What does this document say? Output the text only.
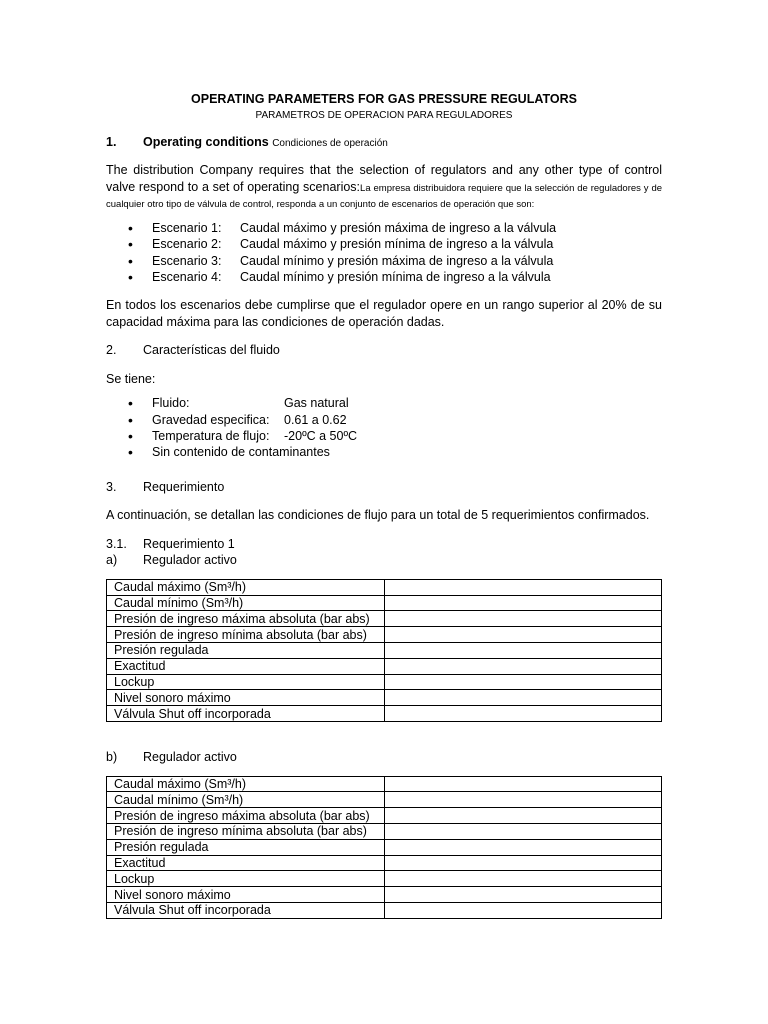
OPERATING PARAMETERS FOR GAS PRESSURE REGULATORS

PARAMETROS DE OPERACION PARA REGULADORES

1. Operating conditions Condiciones de operación

The distribution Company requires that the selection of regulators and any other type of control valve respond to a set of operating scenarios:La empresa distribuidora requiere que la selección de reguladores y de cualquier otro tipo de válvula de control, responda a un conjunto de escenarios de operación que son:

• Escenario 1: Caudal máximo y presión máxima de ingreso a la válvula
• Escenario 2: Caudal máximo y presión mínima de ingreso a la válvula
• Escenario 3: Caudal mínimo y presión máxima de ingreso a la válvula
• Escenario 4: Caudal mínimo y presión mínima de ingreso a la válvula

En todos los escenarios debe cumplirse que el regulador opere en un rango superior al 20% de su capacidad máxima para las condiciones de operación dadas.

2. Características del fluido

Se tiene:

• Fluido:	Gas natural
• Gravedad especifica: 0.61 a 0.62
• Temperatura de flujo: -20ºC a 50ºC
• Sin contenido de contaminantes

3. Requerimiento

A continuación, se detallan las condiciones de flujo para un total de 5 requerimientos confirmados.

3.1. Requerimiento 1

a) Regulador activo

Caudal máximo (Sm³/h)	
Caudal mínimo (Sm³/h)	
Presión de ingreso máxima absoluta (bar abs)	
Presión de ingreso mínima absoluta (bar abs)	
Presión regulada	
Exactitud	
Lockup	
Nivel sonoro máximo	
Válvula Shut off incorporada	

b) Regulador activo

Caudal máximo (Sm³/h)	
Caudal mínimo (Sm³/h)	
Presión de ingreso máxima absoluta (bar abs)	
Presión de ingreso mínima absoluta (bar abs)	
Presión regulada	
Exactitud	
Lockup	
Nivel sonoro máximo	
Válvula Shut off incorporada	
